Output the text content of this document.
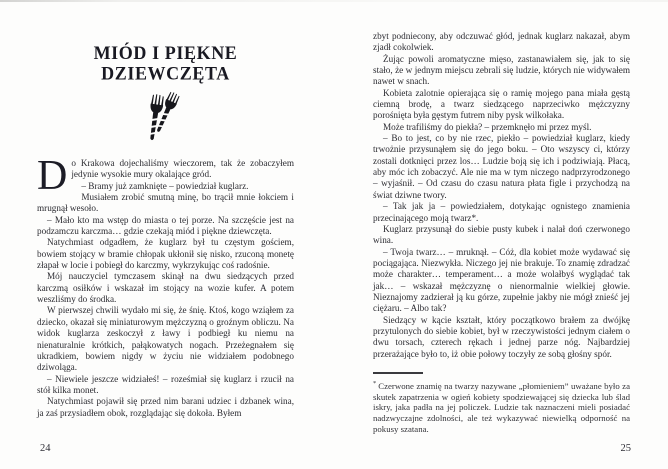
MIÓD I PIĘKNE
DZIEWCZĘTA

Do Krakowa dojechaliśmy wieczorem, tak że zobaczyłem jedynie wysokie mury okalające gród.

– Bramy już zamknięte – powiedział kuglarz.

Musiałem zrobić smutną minę, bo trącił mnie łokciem i mrugnął wesoło.

– Mało kto ma wstęp do miasta o tej porze. Na szczęście jest na podzamczu karczma… gdzie czekają miód i piękne dziewczęta.

Natychmiast odgadłem, że kuglarz był tu częstym gościem, bowiem stojący w bramie chłopak ukłonił się nisko, rzuconą monetę złapał w locie i pobiegł do karczmy, wykrzykując coś radośnie.

Mój nauczyciel tymczasem skinął na dwu siedzących przed karczmą osiłków i wskazał im stojący na wozie kufer. A potem weszliśmy do środka.

W pierwszej chwili wydało mi się, że śnię. Ktoś, kogo wziąłem za dziecko, okazał się miniaturowym mężczyzną o groźnym obliczu. Na widok kuglarza zeskoczył z ławy i podbiegł ku niemu na nienaturalnie krótkich, pałąkowatych nogach. Przeżegnałem się ukradkiem, bowiem nigdy w życiu nie widziałem podobnego dziwoląga.

– Niewiele jeszcze widziałeś! – roześmiał się kuglarz i rzucił na stół kilka monet.

Natychmiast pojawił się przed nim barani udziec i dzbanek wina, ja zaś przysiadłem obok, rozglądając się dokoła. Byłem

24

zbyt podniecony, aby odczuwać głód, jednak kuglarz nakazał, abym zjadł cokolwiek.

Żując powoli aromatyczne mięso, zastanawiałem się, jak to się stało, że w jednym miejscu zebrali się ludzie, których nie widywałem nawet w snach.

Kobieta zalotnie opierająca się o ramię mojego pana miała gęstą ciemną brodę, a twarz siedzącego naprzeciwko mężczyzny porośnięta była gęstym futrem niby pysk wilkołaka.

Może trafiliśmy do piekła? – przemknęło mi przez myśl.

– Bo to jest, co by nie rzec, piekło – powiedział kuglarz, kiedy trwożnie przysunąłem się do jego boku. – Oto wszyscy ci, którzy zostali dotknięci przez los… Ludzie boją się ich i podziwiają. Płacą, aby móc ich zobaczyć. Ale nie ma w tym niczego nadprzyrodzonego – wyjaśnił. – Od czasu do czasu natura płata figle i przychodzą na świat dziwne twory.

– Tak jak ja – powiedziałem, dotykając ognistego znamienia przecinającego moją twarz*.

Kuglarz przysunął do siebie pusty kubek i nalał doń czerwonego wina.

– Twoja twarz… – mruknął. – Cóż, dla kobiet może wydawać się pociągająca. Niezwykła. Niczego jej nie brakuje. To znamię zdradzać może charakter… temperament… a może wolałbyś wyglądać tak jak… – wskazał mężczyznę o nienormalnie wielkiej głowie. Nieznajomy zadzierał ją ku górze, zupełnie jakby nie mógł znieść jej ciężaru. – Albo tak?

Siedzący w kącie kształt, który początkowo brałem za dwójkę przytulonych do siebie kobiet, był w rzeczywistości jednym ciałem o dwu torsach, czterech rękach i jednej parze nóg. Najbardziej przerażające było to, iż obie połowy toczyły ze sobą głośny spór.

* Czerwone znamię na twarzy nazywane „płomieniem” uważane było za skutek zapatrzenia w ogień kobiety spodziewającej się dziecka lub ślad iskry, jaka padła na jej policzek. Ludzie tak naznaczeni mieli posiadać nadzwyczajne zdolności, ale też wykazywać niewielką odporność na pokusy szatana.

25
